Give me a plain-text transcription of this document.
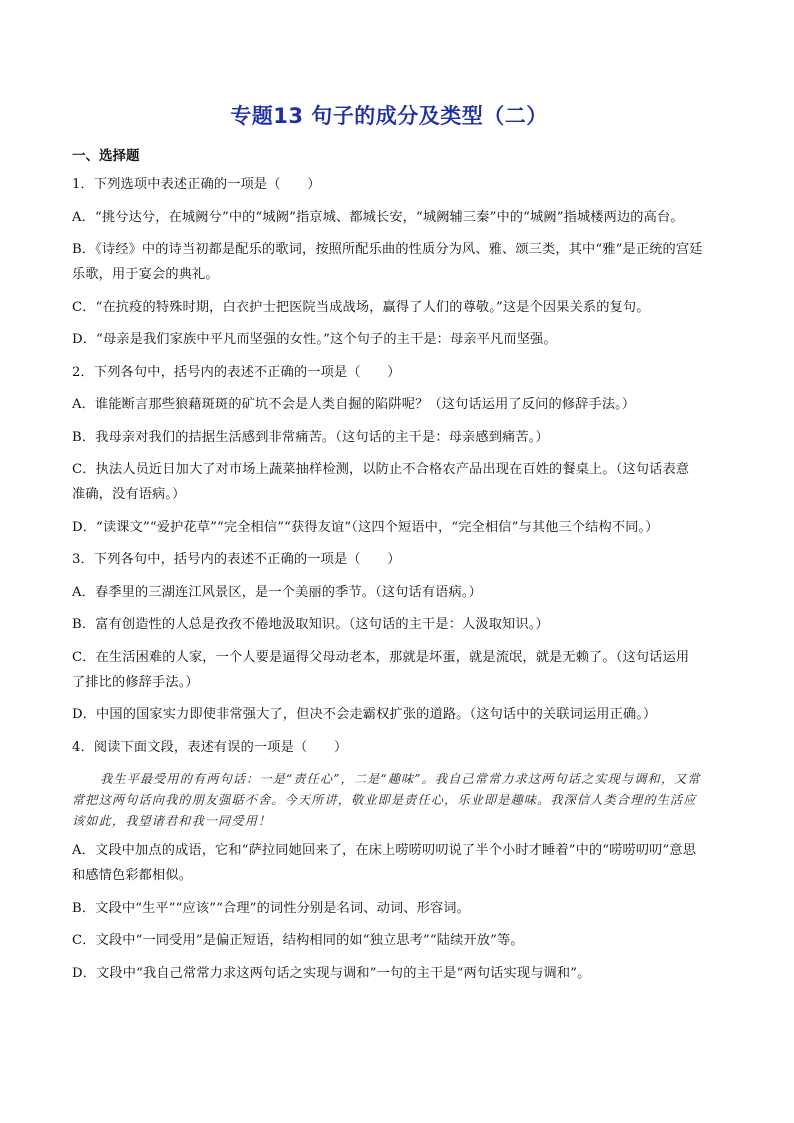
专题13 句子的成分及类型（二）
一、选择题

1．下列选项中表述正确的一项是（　　）

A．“挑兮达兮，在城阙兮”中的“城阙”指京城、都城长安，“城阙辅三秦”中的“城阙”指城楼两边的高台。

B．《诗经》中的诗当初都是配乐的歌词，按照所配乐曲的性质分为风、雅、颂三类，其中“雅”是正统的宫廷

乐歌，用于宴会的典礼。

C．“在抗疫的特殊时期，白衣护士把医院当成战场，赢得了人们的尊敬。”这是个因果关系的复句。

D．“母亲是我们家族中平凡而坚强的女性。”这个句子的主干是：母亲平凡而坚强。

2．下列各句中，括号内的表述不正确的一项是（　　）

A．谁能断言那些狼藉斑斑的矿坑不会是人类自掘的陷阱呢？（这句话运用了反问的修辞手法。）

B．我母亲对我们的拮据生活感到非常痛苦。（这句话的主干是：母亲感到痛苦。）

C．执法人员近日加大了对市场上蔬菜抽样检测，以防止不合格农产品出现在百姓的餐桌上。（这句话表意

准确，没有语病。）

D．“读课文”“爱护花草”“完全相信”“获得友谊”（这四个短语中，“完全相信”与其他三个结构不同。）

3．下列各句中，括号内的表述不正确的一项是（　　）

A．春季里的三湖连江风景区，是一个美丽的季节。（这句话有语病。）

B．富有创造性的人总是孜孜不倦地汲取知识。（这句话的主干是：人汲取知识。）

C．在生活困难的人家，一个人要是逼得父母动老本，那就是坏蛋，就是流氓，就是无赖了。（这句话运用

了排比的修辞手法。）

D．中国的国家实力即使非常强大了，但决不会走霸权扩张的道路。（这句话中的关联词运用正确。）

4．阅读下面文段，表述有误的一项是（　　）

我生平最受用的有两句话：一是“责任心”，二是“趣味”。我自己常常力求这两句话之实现与调和，又常常把这两句话向我的朋友强聒不舍。今天所讲，敬业即是责任心，乐业即是趣味。我深信人类合理的生活应该如此，我望诸君和我一同受用！

A．文段中加点的成语，它和“萨拉同她回来了，在床上唠唠叨叨说了半个小时才睡着”中的“唠唠叨叨”意思

和感情色彩都相似。

B．文段中“生平”“应该”“合理”的词性分别是名词、动词、形容词。

C．文段中“一同受用”是偏正短语，结构相同的如“独立思考”“陆续开放”等。

D．文段中“我自己常常力求这两句话之实现与调和”一句的主干是“两句话实现与调和”。
